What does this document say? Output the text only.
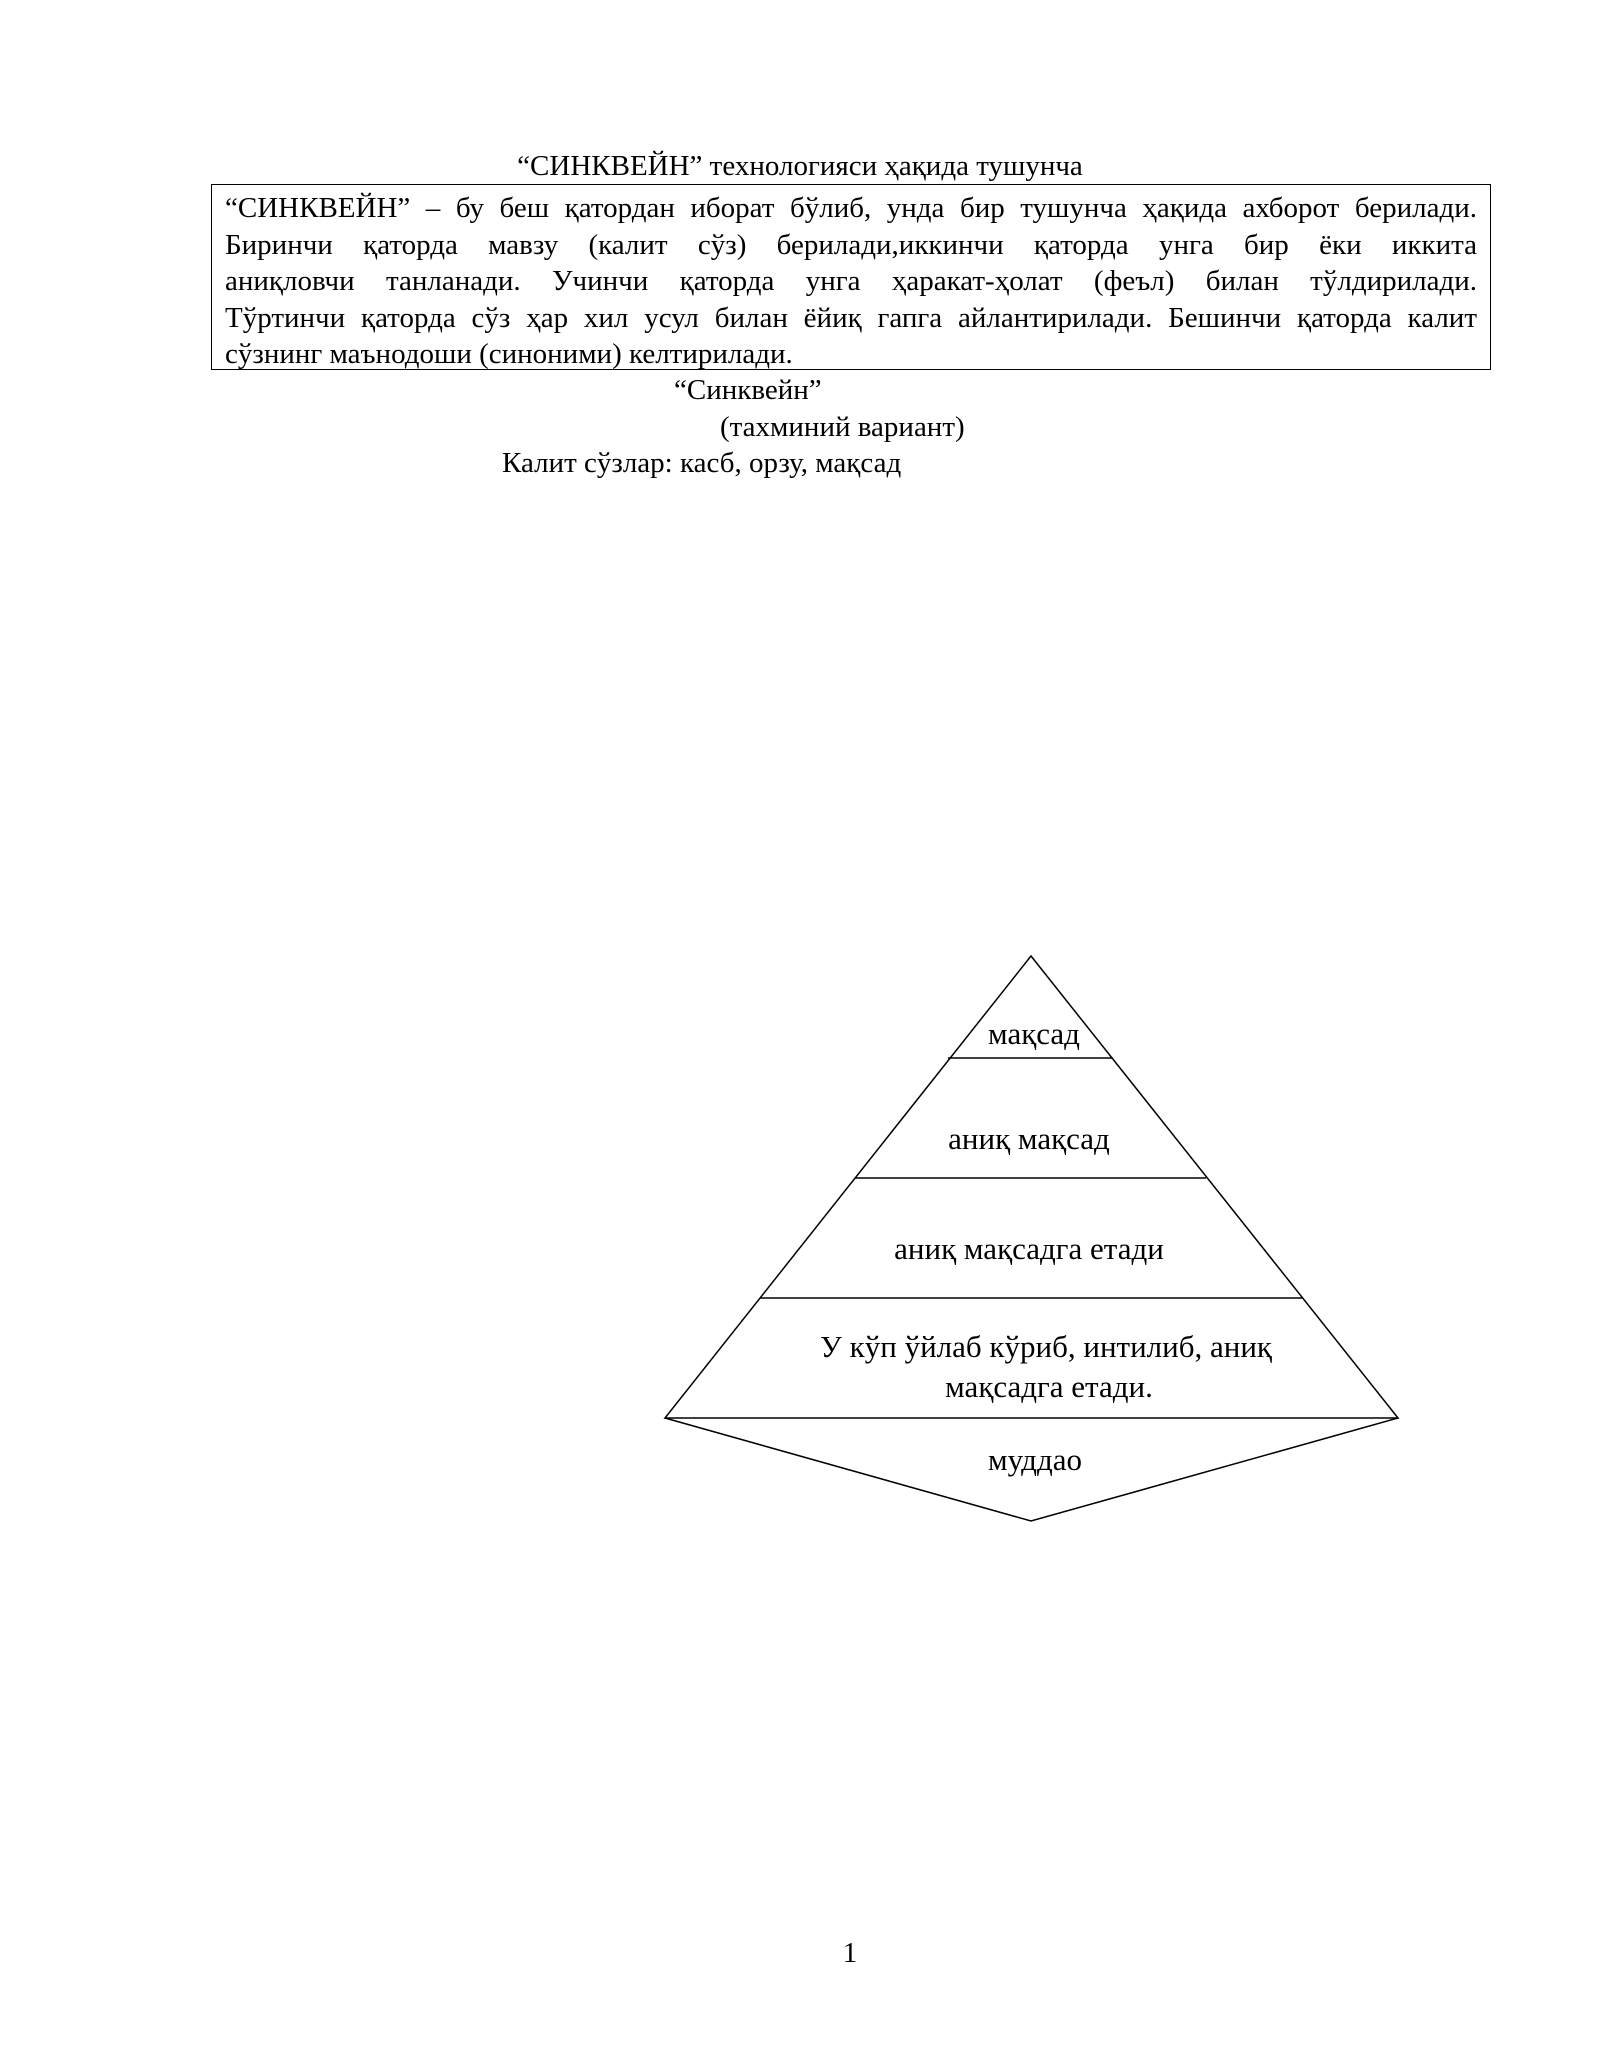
“СИНКВЕЙН” технологияси ҳақида тушунча
“СИНКВЕЙН” – бу беш қатордан иборат бўлиб, унда бир тушунча ҳақида ахборот берилади.
Биринчи қаторда мавзу (калит сўз) берилади,иккинчи қаторда унга бир ёки иккита
аниқловчи танланади. Учинчи қаторда унга ҳаракат-ҳолат (феъл) билан тўлдирилади.
Тўртинчи қаторда сўз ҳар хил усул билан ёйиқ гапга айлантирилади. Бешинчи қаторда калит
сўзнинг маънодоши (синоними) келтирилади.
“Синквейн”
(тахминий вариант)
Калит сўзлар: касб, орзу, мақсад
мақсад
аниқ мақсад
аниқ мақсадга етади
У кўп ўйлаб кўриб, интилиб, аниқ
мақсадга етади.
муддао
1
